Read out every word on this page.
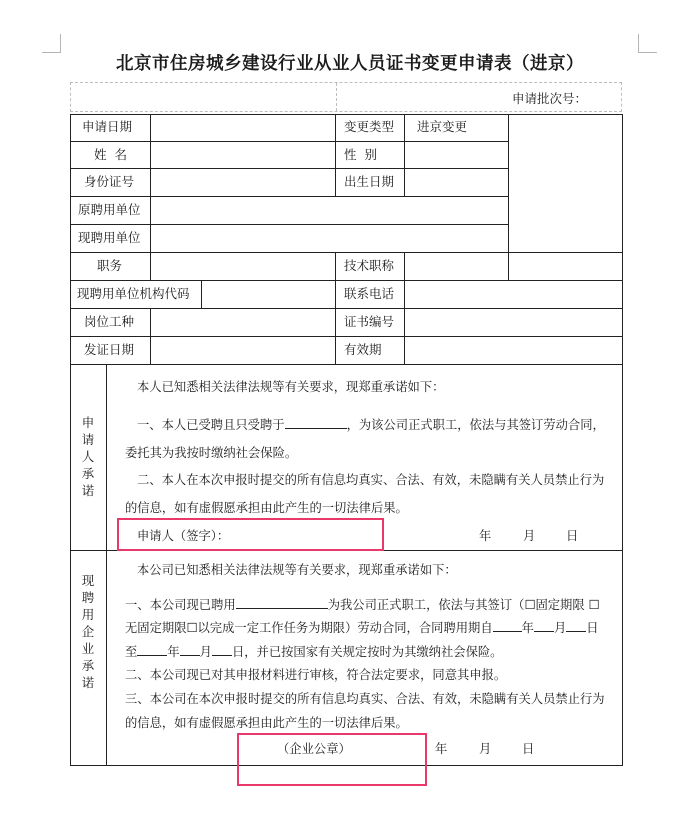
北京市住房城乡建设行业从业人员证书变更申请表（进京）
申请批次号：
申请日期	变更类型 进京变更
姓  名	性  别
身份证号	出生日期
原聘用单位
现聘用单位
职务	技术职称
现聘用单位机构代码	联系电话
岗位工种	证书编号
发证日期	有效期
申请人承诺
本人已知悉相关法律法规等有关要求，现郑重承诺如下：
一、本人已受聘且只受聘于	，为该公司正式职工，依法与其签订劳动合同，
委托其为我按时缴纳社会保险。
二、本人在本次申报时提交的所有信息均真实、合法、有效，未隐瞒有关人员禁止行为
的信息，如有虚假愿承担由此产生的一切法律后果。
申请人（签字）：	年	月 日
现聘用企业承诺
本公司已知悉相关法律法规等有关要求，现郑重承诺如下：
一、本公司现已聘用	为我公司正式职工，依法与其签订（☐固定期限 ☐
无固定期限☐以完成一定工作任务为期限）劳动合同，合同聘用期自 年 月 日
至 年 月 日，并已按国家有关规定按时为其缴纳社会保险。
二、本公司现已对其申报材料进行审核，符合法定要求，同意其申报。
三、本公司在本次申报时提交的所有信息均真实、合法、有效，未隐瞒有关人员禁止行为
的信息，如有虚假愿承担由此产生的一切法律后果。
（企业公章）	年	月 日
